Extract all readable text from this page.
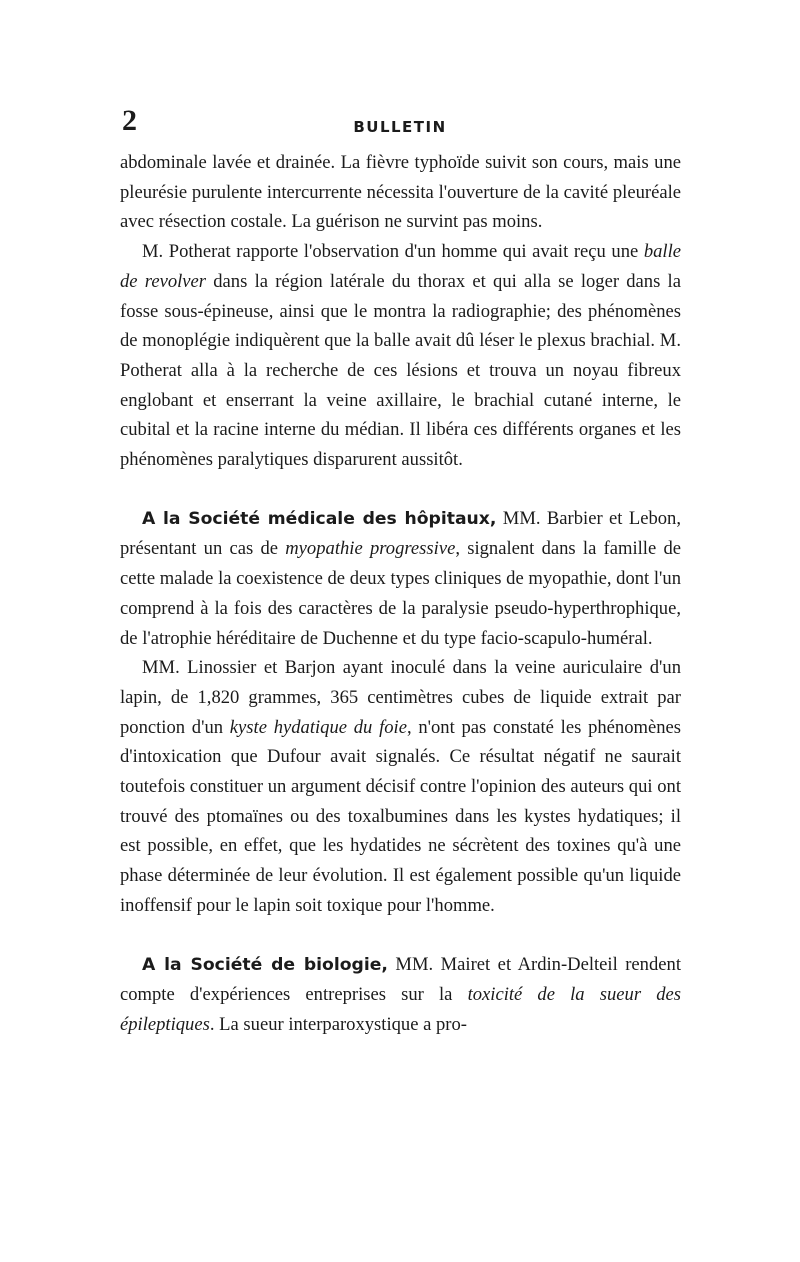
2	BULLETIN

abdominale lavée et drainée. La fièvre typhoïde suivit son cours, mais une pleurésie purulente intercurrente nécessita l'ouverture de la cavité pleuréale avec résection costale. La guérison ne survint pas moins.

M. Potherat rapporte l'observation d'un homme qui avait reçu une balle de revolver dans la région latérale du thorax et qui alla se loger dans la fosse sous-épineuse, ainsi que le montra la radiographie; des phénomènes de monoplégie indiquèrent que la balle avait dû léser le plexus brachial. M. Potherat alla à la recherche de ces lésions et trouva un noyau fibreux englobant et enserrant la veine axillaire, le brachial cutané interne, le cubital et la racine interne du médian. Il libéra ces différents organes et les phénomènes paralytiques disparurent aussitôt.

A la Société médicale des hôpitaux, MM. Barbier et Lebon, présentant un cas de myopathie progressive, signalent dans la famille de cette malade la coexistence de deux types cliniques de myopathie, dont l'un comprend à la fois des caractères de la paralysie pseudo-hyperthrophique, de l'atrophie héréditaire de Duchenne et du type facio-scapulo-huméral.

MM. Linossier et Barjon ayant inoculé dans la veine auriculaire d'un lapin, de 1,820 grammes, 365 centimètres cubes de liquide extrait par ponction d'un kyste hydatique du foie, n'ont pas constaté les phénomènes d'intoxication que Dufour avait signalés. Ce résultat négatif ne saurait toutefois constituer un argument décisif contre l'opinion des auteurs qui ont trouvé des ptomaïnes ou des toxalbumines dans les kystes hydatiques; il est possible, en effet, que les hydatides ne sécrètent des toxines qu'à une phase déterminée de leur évolution. Il est également possible qu'un liquide inoffensif pour le lapin soit toxique pour l'homme.

A la Société de biologie, MM. Mairet et Ardin-Delteil rendent compte d'expériences entreprises sur la toxicité de la sueur des épileptiques. La sueur interparoxystique a pro-
